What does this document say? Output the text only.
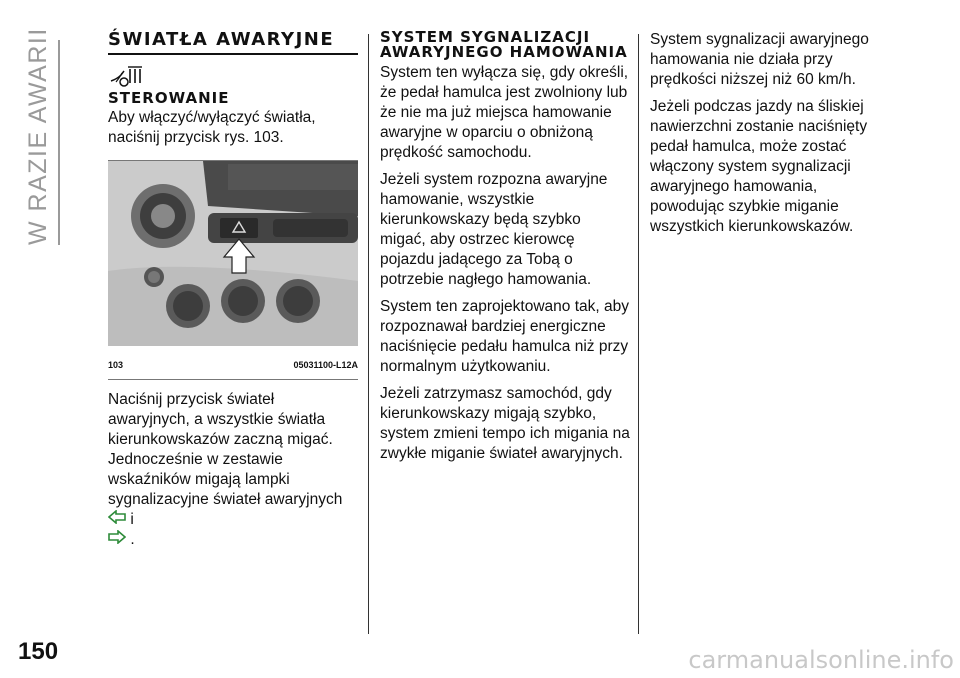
W RAZIE AWARII	ŚWIATŁA AWARYJNE
STEROWANIE

Aby włączyć/wyłączyć światła, naciśnij przycisk rys. 103.

103	05031100-L12A

Naciśnij przycisk świateł awaryjnych, a wszystkie światła kierunkowskazów zaczną migać. Jednocześnie w zestawie wskaźników migają lampki sygnalizacyjne świateł awaryjnych  i
.

SYSTEM SYGNALIZACJI AWARYJNEGO HAMOWANIA

System ten wyłącza się, gdy określi, że pedał hamulca jest zwolniony lub że nie ma już miejsca hamowanie awaryjne w oparciu o obniżoną prędkość samochodu.

Jeżeli system rozpozna awaryjne hamowanie, wszystkie kierunkowskazy będą szybko migać, aby ostrzec kierowcę pojazdu jadącego za Tobą o potrzebie nagłego hamowania.

System ten zaprojektowano tak, aby rozpoznawał bardziej energiczne naciśnięcie pedału hamulca niż przy normalnym użytkowaniu.

Jeżeli zatrzymasz samochód, gdy kierunkowskazy migają szybko, system zmieni tempo ich migania na zwykłe miganie świateł awaryjnych.

System sygnalizacji awaryjnego hamowania nie działa przy prędkości niższej niż 60 km/h.

Jeżeli podczas jazdy na śliskiej nawierzchni zostanie naciśnięty pedał hamulca, może zostać włączony system sygnalizacji awaryjnego hamowania, powodując szybkie miganie wszystkich kierunkowskazów.

150	carmanualsonline.info
